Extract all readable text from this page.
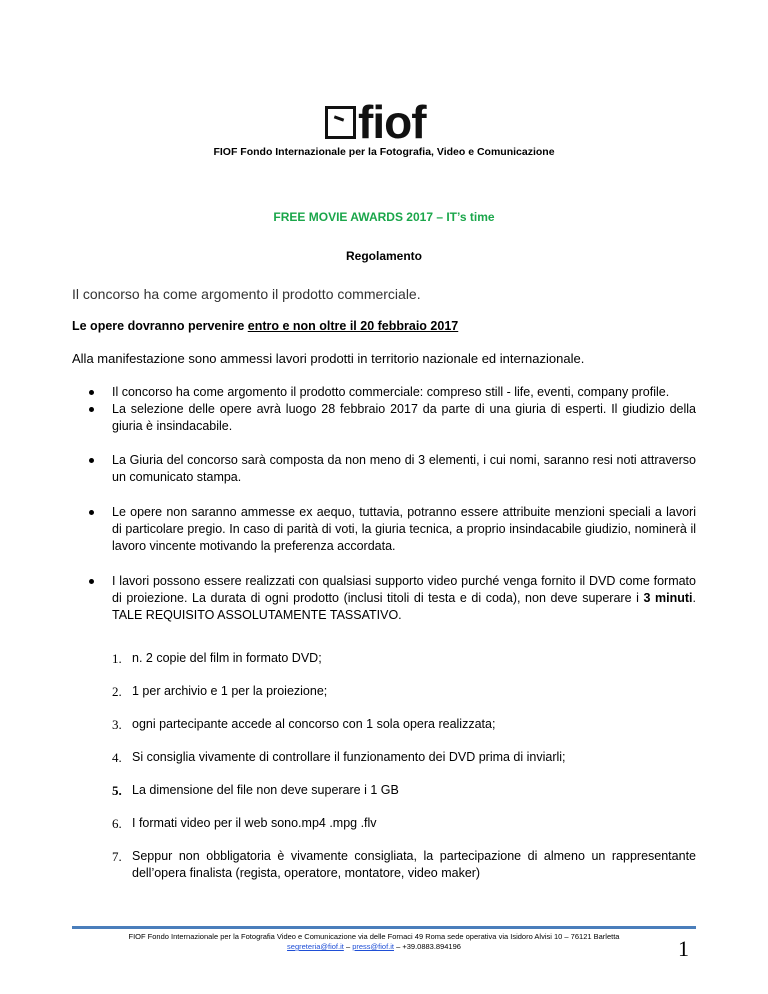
fiof
FIOF Fondo Internazionale per la Fotografia, Video e Comunicazione
FREE MOVIE AWARDS 2017 – IT’s time
Regolamento
Il concorso ha come argomento il prodotto commerciale.
Le opere dovranno pervenire entro e non oltre il 20 febbraio 2017
Alla manifestazione sono ammessi lavori prodotti in territorio nazionale ed internazionale.
Il concorso ha come argomento il prodotto commerciale: compreso still - life, eventi, company profile.
La selezione delle opere avrà luogo 28 febbraio 2017 da parte di una giuria di esperti. Il giudizio della giuria è insindacabile.
La Giuria del concorso sarà composta da non meno di 3 elementi, i cui nomi, saranno resi noti attraverso un comunicato stampa.
Le opere non saranno ammesse ex aequo, tuttavia, potranno essere attribuite menzioni speciali a lavori di particolare pregio. In caso di parità di voti, la giuria tecnica, a proprio insindacabile giudizio, nominerà il lavoro vincente motivando la preferenza accordata.
I lavori possono essere realizzati con qualsiasi supporto video purché venga fornito il DVD come formato di proiezione. La durata di ogni prodotto (inclusi titoli di testa e di coda), non deve superare i 3 minuti. TALE REQUISITO ASSOLUTAMENTE TASSATIVO.
1. n. 2 copie del film in formato DVD;
2. 1 per archivio e 1 per la proiezione;
3. ogni partecipante accede al concorso con 1 sola opera realizzata;
4. Si consiglia vivamente di controllare il funzionamento dei DVD prima di inviarli;
5. La dimensione del file non deve superare i 1 GB
6. I formati video per il web sono.mp4 .mpg .flv
7. Seppur non obbligatoria è vivamente consigliata, la partecipazione di almeno un rappresentante dell’opera finalista (regista, operatore, montatore, video maker)
FIOF Fondo Internazionale per la Fotografia Video e Comunicazione via delle Fornaci 49 Roma sede operativa via Isidoro Alvisi 10 – 76121 Barletta
segreteria@fiof.it – press@fiof.it – +39.0883.894196	1
